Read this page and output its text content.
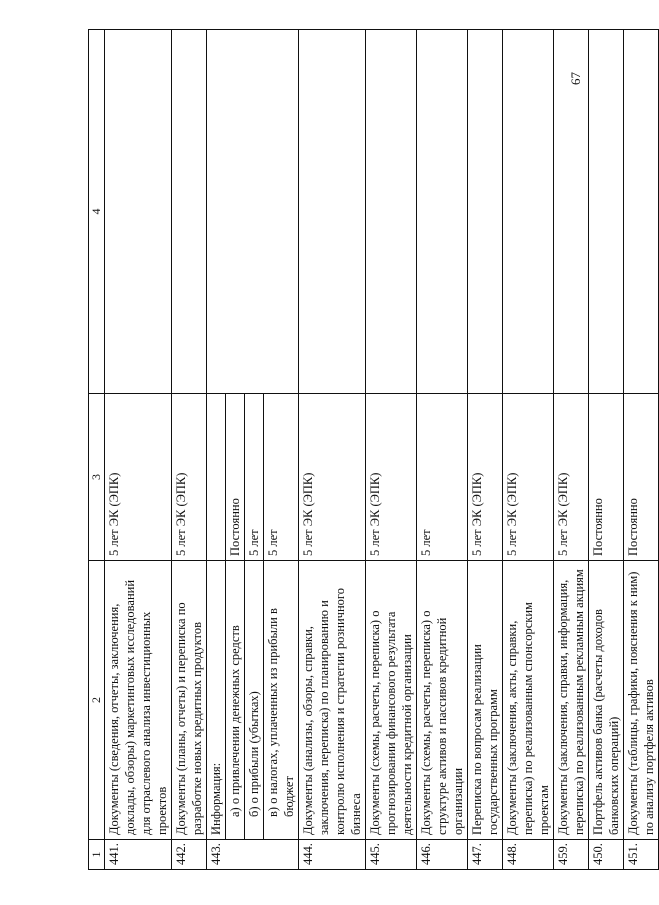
67
1	2	3	4
441.	Документы (сведения, отчеты, заключения, доклады, обзоры) маркетинговых исследований для отраслевого анализа инвестиционных проектов	5 лет ЭК (ЭПК)	
442.	Документы (планы, отчеты) и переписка по разработке новых кредитных продуктов	5 лет ЭК (ЭПК)	
443.	Информация:		
	а) о привлечении денежных средств	Постоянно	
	б) о прибыли (убытках)	5 лет	
	в) о налогах, уплаченных из прибыли в бюджет	5 лет	
444.	Документы (анализы, обзоры, справки, заключения, переписка) по планированию и контролю исполнения и стратегии розничного бизнеса	5 лет ЭК (ЭПК)	
445.	Документы (схемы, расчеты, переписка) о прогнозировании финансового результата деятельности кредитной организации	5 лет ЭК (ЭПК)	
446.	Документы (схемы, расчеты, переписка) о структуре активов и пассивов кредитной организации	5 лет	
447.	Переписка по вопросам реализации государственных программ	5 лет ЭК (ЭПК)	
448.	Документы (заключения, акты, справки, переписка) по реализованным спонсорским проектам	5 лет ЭК (ЭПК)	
459.	Документы (заключения, справки, информация, переписка) по реализованным рекламным акциям	5 лет ЭК (ЭПК)	
450.	Портфель активов банка (расчеты доходов банковских операций)	Постоянно	
451.	Документы (таблицы, графики, пояснения к ним) по анализу портфеля активов	Постоянно	
